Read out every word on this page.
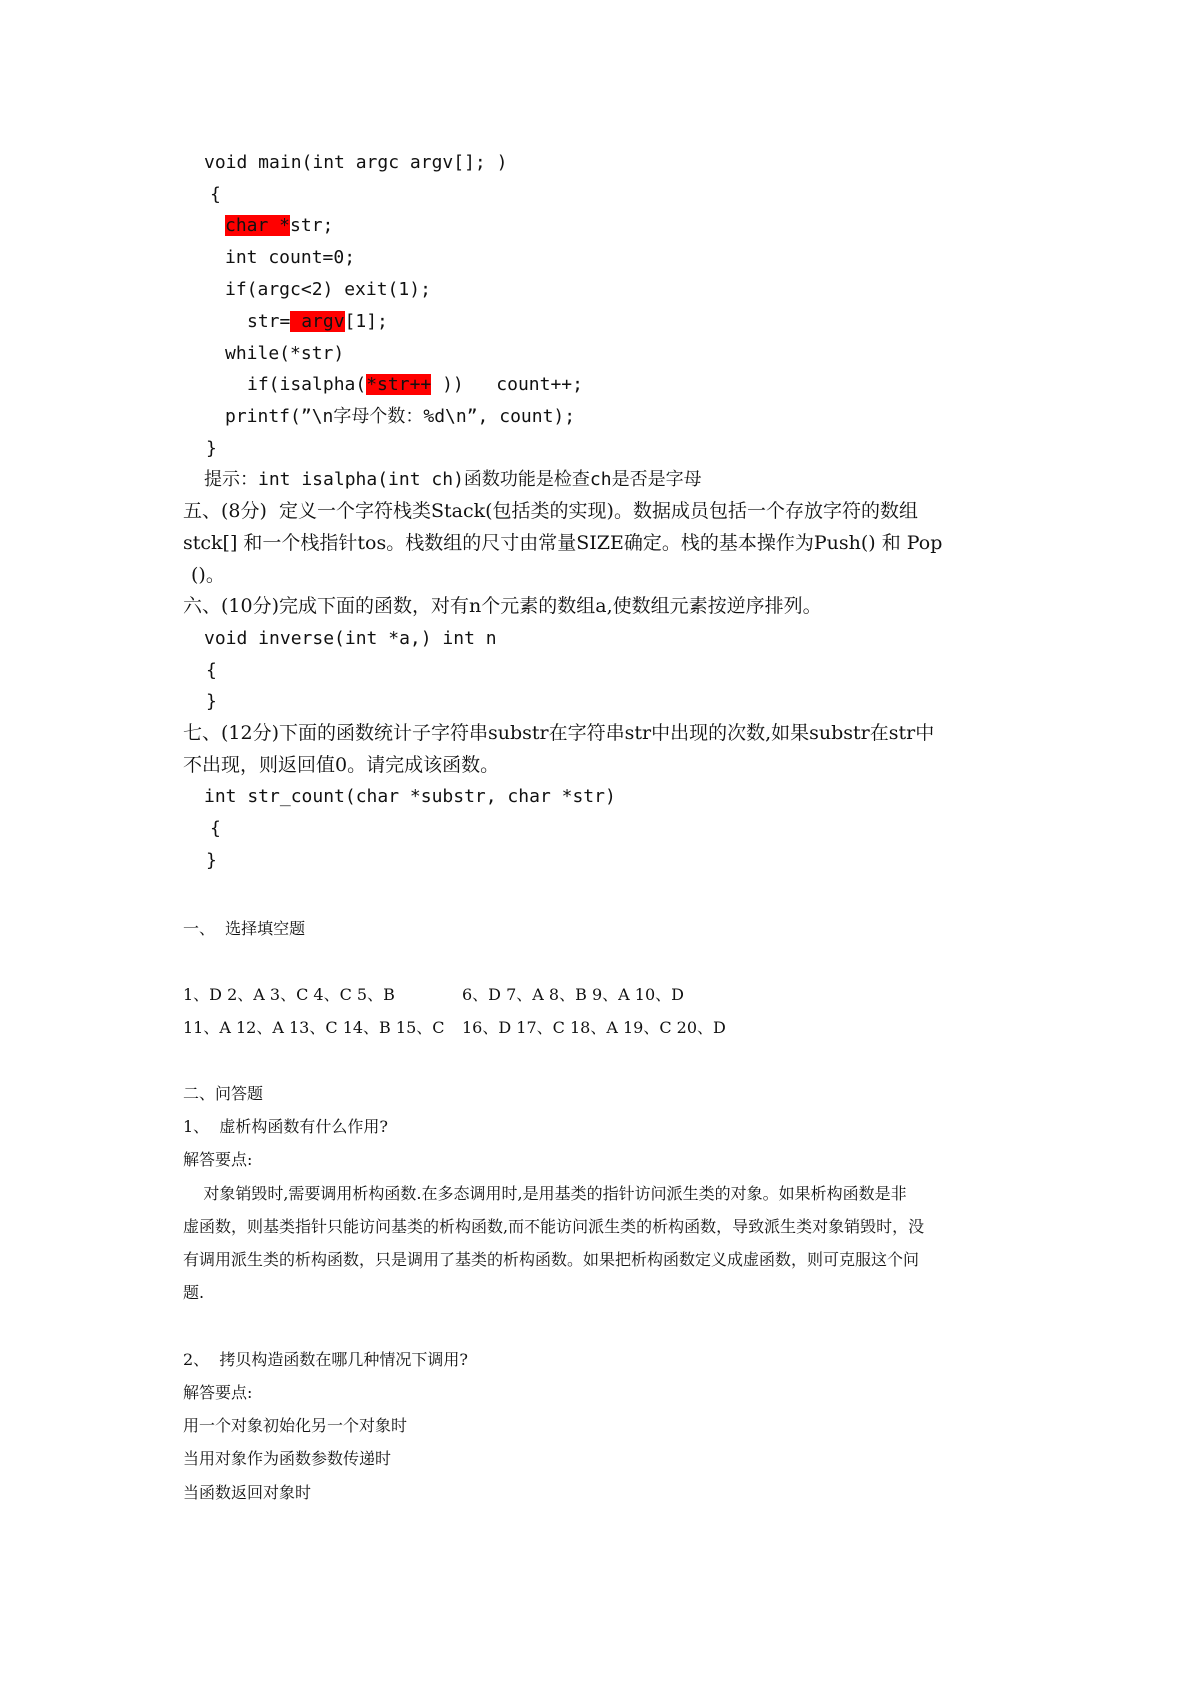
void main(int argc argv[]; )
{
char *str;
int count=0;
if(argc<2) exit(1);
str= argv[1];
while(*str)
if(isalpha(*str++ ))   count++;
printf(”\n字母个数：%d\n”, count);
}
提示：int isalpha(int ch)函数功能是检查ch是否是字母
五、(8分)  定义一个字符栈类Stack(包括类的实现)。数据成员包括一个存放字符的数组
stck[] 和一个栈指针tos。栈数组的尺寸由常量SIZE确定。栈的基本操作为Push() 和 Pop
()。
六、(10分)完成下面的函数，对有n个元素的数组a,使数组元素按逆序排列。
void inverse(int *a,) int n
{
}
七、(12分)下面的函数统计子字符串substr在字符串str中出现的次数,如果substr在str中
不出现，则返回值0。请完成该函数。
int str_count(char *substr, char *str)
{
}
一、  选择填空题
1、D 2、A 3、C 4、C 5、B	6、D 7、A 8、B 9、A 10、D
11、A 12、A 13、C 14、B 15、C 16、D 17、C 18、A 19、C 20、D
二、问答题
1、  虚析构函数有什么作用?
解答要点:
对象销毁时,需要调用析构函数.在多态调用时,是用基类的指针访问派生类的对象。如果析构函数是非
虚函数，则基类指针只能访问基类的析构函数,而不能访问派生类的析构函数，导致派生类对象销毁时，没
有调用派生类的析构函数，只是调用了基类的析构函数。如果把析构函数定义成虚函数，则可克服这个问
题.
2、  拷贝构造函数在哪几种情况下调用?
解答要点:
用一个对象初始化另一个对象时
当用对象作为函数参数传递时
当函数返回对象时
